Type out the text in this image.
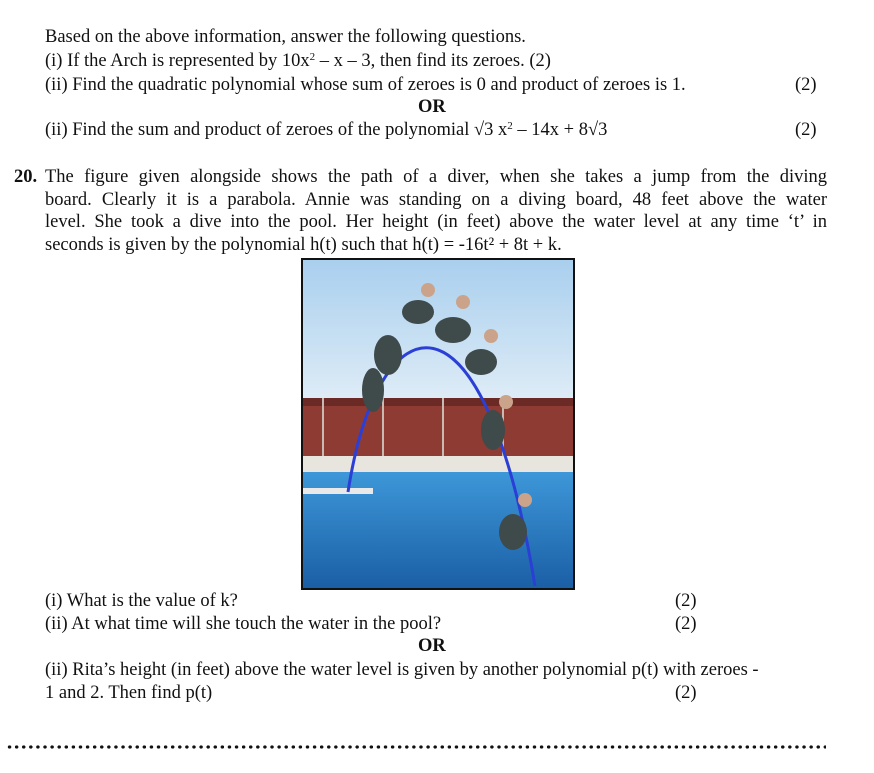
Based on the above information, answer the following questions.
(i) If the Arch is represented by $10x^2$ – x – 3, then find its zeroes. (2)
(ii) Find the quadratic polynomial whose sum of zeroes is 0 and product of zeroes is 1.	(2)
OR
(ii) Find the sum and product of zeroes of the polynomial √3 $x^2 - 14x + 8√3$	(2)
20. The figure given alongside shows the path of a diver, when she takes a jump from the diving
board. Clearly it is a parabola. Annie was standing on a diving board, 48 feet above the water
level. She took a dive into the pool. Her height (in feet) above the water level at any time ‘t’ in
seconds is given by the polynomial h(t) such that h(t) = -16t² + 8t + k.
(i) What is the value of k?	(2)
(ii) At what time will she touch the water in the pool?	(2)
OR
(ii) Rita’s height (in feet) above the water level is given by another polynomial p(t) with zeroes -
1 and 2. Then find p(t)	(2)
